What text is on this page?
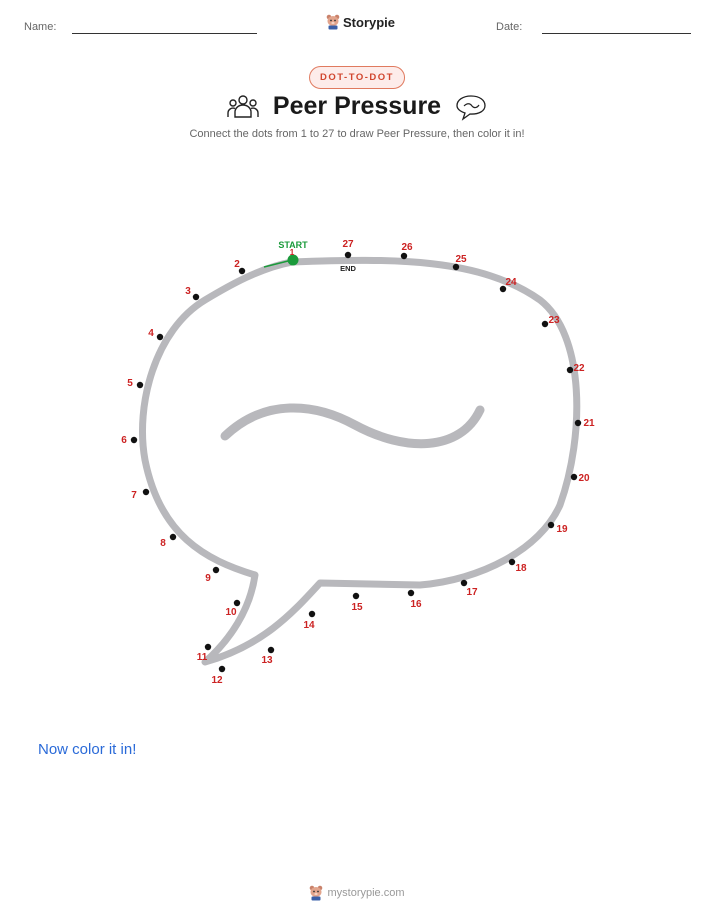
Name:	Storypie	Date:
DOT-TO-DOT
Peer Pressure
Connect the dots from 1 to 27 to draw Peer Pressure, then color it in!
START
END
2
3
4
5
6
7
8
9
10
11
12
13
14
15	16
17
18
19
20
21
22
23
24
25
26
27
1
Now color it in!
mystorypie.com
